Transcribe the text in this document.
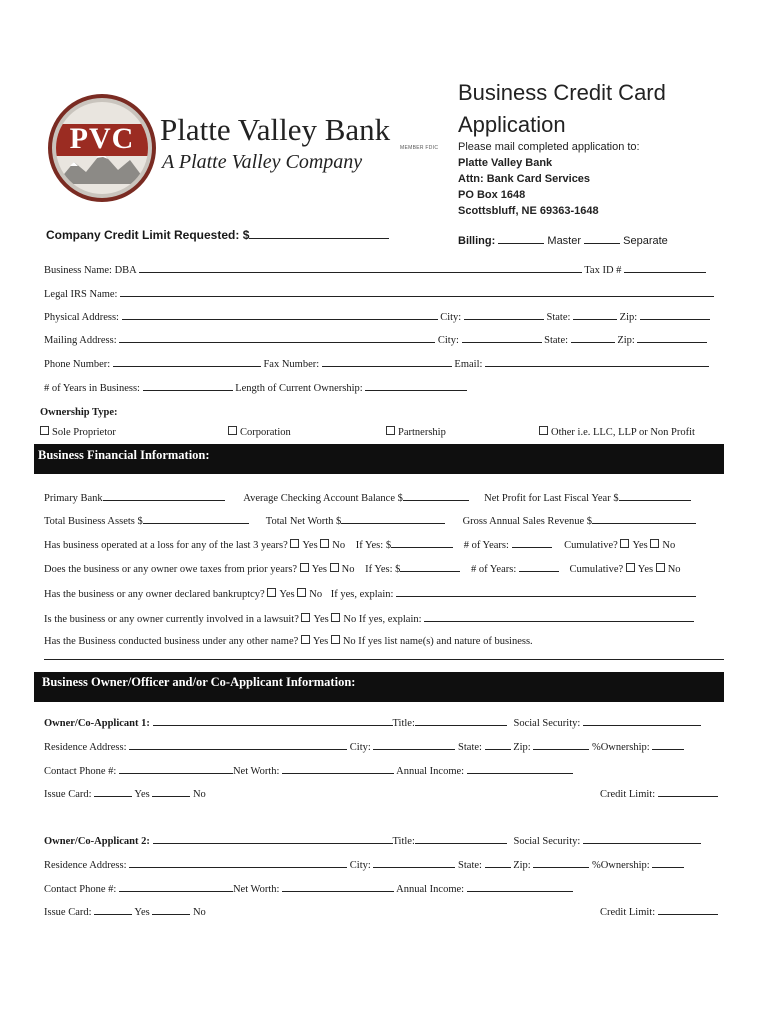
PVC Platte Valley Bank
A Platte Valley Company
MEMBER FDIC
Business Credit Card
Application
Please mail completed application to:
Platte Valley Bank
Attn: Bank Card Services
PO Box 1648
Scottsbluff, NE 69363-1648
Company Credit Limit Requested: $	Billing:	Master	Separate
Business Name: DBA	Tax ID #
Legal IRS Name:
Physical Address:	City:	State:	Zip:
Mailing Address:	City:	State:	Zip:
Phone Number:	Fax Number:	Email:
# of Years in Business:	Length of Current Ownership:
Ownership Type:
Sole Proprietor	Corporation	Partnership	Other i.e. LLC, LLP or Non Profit
Business Financial Information:
Primary Bank	Average Checking Account Balance $	Net Profit for Last Fiscal Year $
Total Business Assets $	Total Net Worth $	Gross Annual Sales Revenue $
Has business operated at a loss for any of the last 3 years? Yes No If Yes: $	# of Years:	Cumulative? Yes No
Does the business or any owner owe taxes from prior years? Yes No If Yes: $	# of Years:	Cumulative? Yes No
Has the business or any owner declared bankruptcy? Yes No If yes, explain:
Is the business or any owner currently involved in a lawsuit? Yes No If yes, explain:
Has the Business conducted business under any other name? Yes No If yes list name(s) and nature of business.
Business Owner/Officer and/or Co-Applicant Information:
Owner/Co-Applicant 1:	Title:	Social Security:
Residence Address:	City:	State:	Zip:	%Ownership:
Contact Phone #:	Net Worth:	Annual Income:
Issue Card:	Yes	No	Credit Limit:
Owner/Co-Applicant 2:	Title:	Social Security:
Residence Address:	City:	State:	Zip:	%Ownership:
Contact Phone #:	Net Worth:	Annual Income:
Issue Card:	Yes	No	Credit Limit:
